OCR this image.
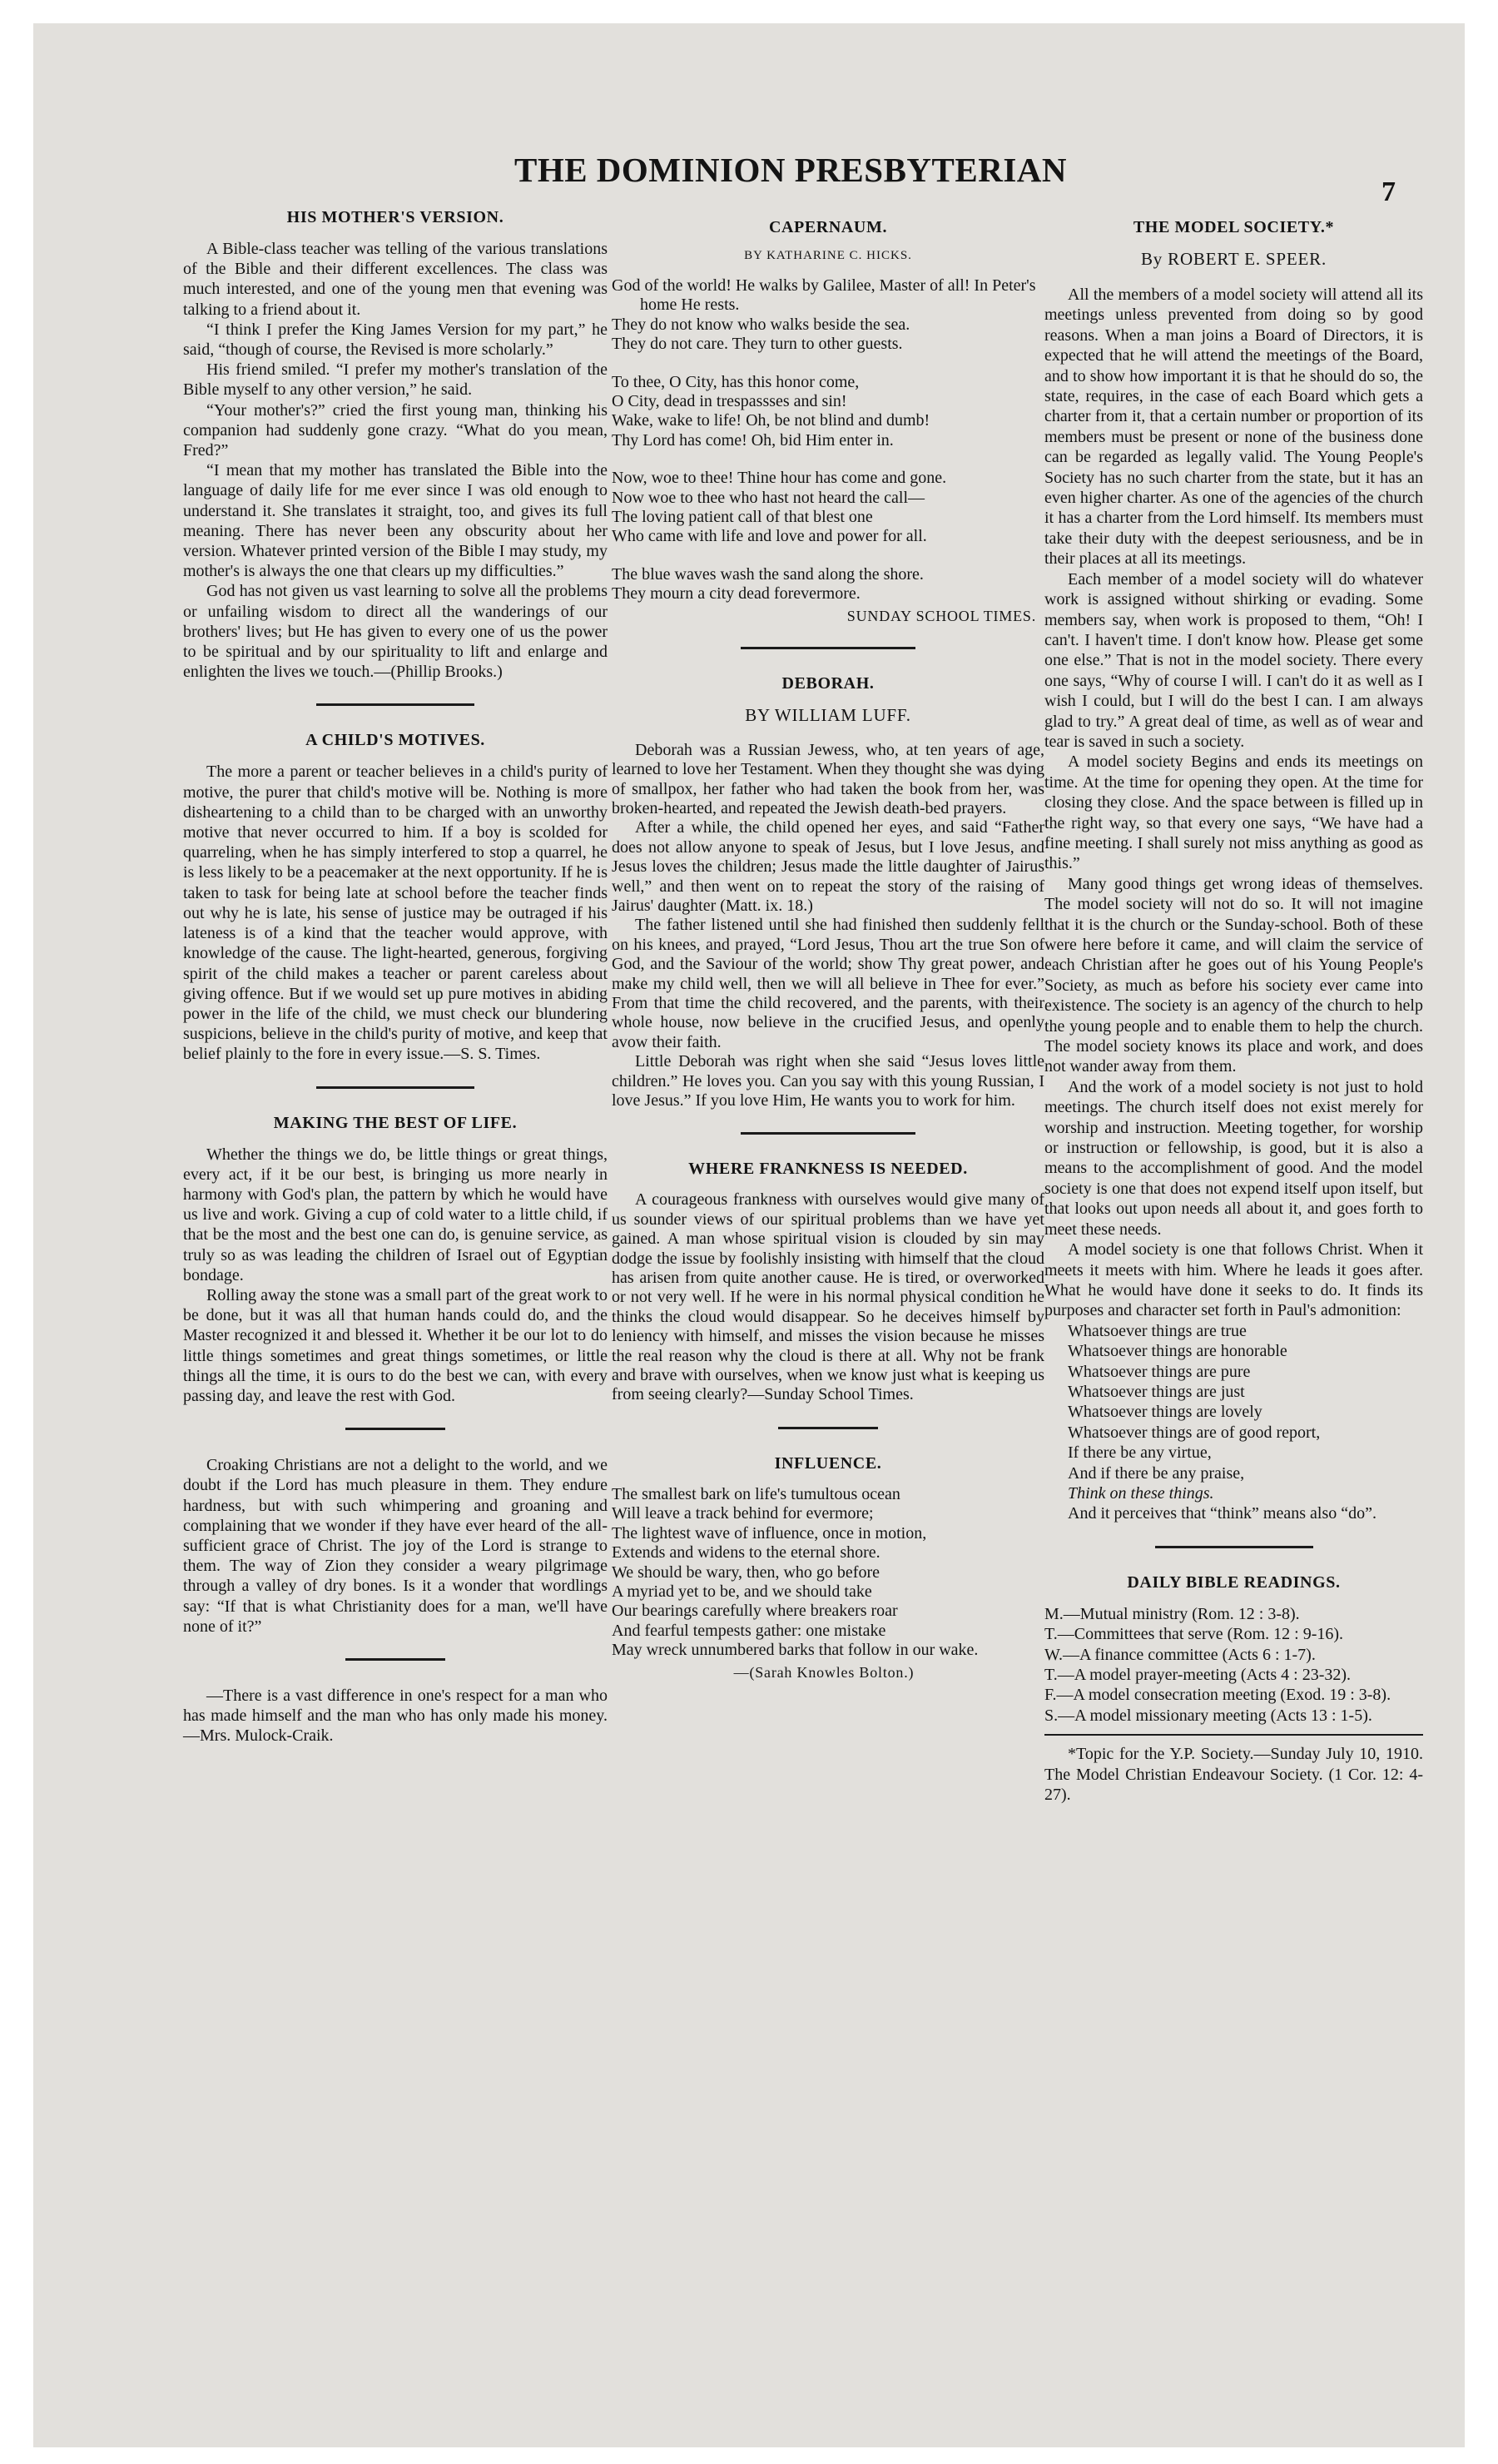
THE DOMINION PRESBYTERIAN
7
HIS MOTHER'S VERSION.

A Bible-class teacher was telling of the various translations of the Bible and their different excellences. The class was much interested, and one of the young men that evening was talking to a friend about it.

“I think I prefer the King James Version for my part,” he said, “though of course, the Revised is more scholarly.”

His friend smiled. “I prefer my mother's translation of the Bible myself to any other version,” he said.

“Your mother's?” cried the first young man, thinking his companion had suddenly gone crazy. “What do you mean, Fred?”

“I mean that my mother has translated the Bible into the language of daily life for me ever since I was old enough to understand it. She translates it straight, too, and gives its full meaning. There has never been any obscurity about her version. Whatever printed version of the Bible I may study, my mother's is always the one that clears up my difficulties.”

God has not given us vast learning to solve all the problems or unfailing wisdom to direct all the wanderings of our brothers' lives; but He has given to every one of us the power to be spiritual and by our spirituality to lift and enlarge and enlighten the lives we touch.—(Phillip Brooks.)

A CHILD'S MOTIVES.

The more a parent or teacher believes in a child's purity of motive, the purer that child's motive will be. Nothing is more disheartening to a child than to be charged with an unworthy motive that never occurred to him. If a boy is scolded for quarreling, when he has simply interfered to stop a quarrel, he is less likely to be a peacemaker at the next opportunity. If he is taken to task for being late at school before the teacher finds out why he is late, his sense of justice may be outraged if his lateness is of a kind that the teacher would approve, with knowledge of the cause. The light-hearted, generous, forgiving spirit of the child makes a teacher or parent careless about giving offence. But if we would set up pure motives in abiding power in the life of the child, we must check our blundering suspicions, believe in the child's purity of motive, and keep that belief plainly to the fore in every issue.—S. S. Times.

MAKING THE BEST OF LIFE.

Whether the things we do, be little things or great things, every act, if it be our best, is bringing us more nearly in harmony with God's plan, the pattern by which he would have us live and work. Giving a cup of cold water to a little child, if that be the most and the best one can do, is genuine service, as truly so as was leading the children of Israel out of Egyptian bondage.

Rolling away the stone was a small part of the great work to be done, but it was all that human hands could do, and the Master recognized it and blessed it. Whether it be our lot to do little things sometimes and great things sometimes, or little things all the time, it is ours to do the best we can, with every passing day, and leave the rest with God.

Croaking Christians are not a delight to the world, and we doubt if the Lord has much pleasure in them. They endure hardness, but with such whimpering and groaning and complaining that we wonder if they have ever heard of the all-sufficient grace of Christ. The joy of the Lord is strange to them. The way of Zion they consider a weary pilgrimage through a valley of dry bones. Is it a wonder that wordlings say: “If that is what Christianity does for a man, we'll have none of it?”

—There is a vast difference in one's respect for a man who has made himself and the man who has only made his money.—Mrs. Mulock-Craik.

CAPERNAUM.
BY KATHARINE C. HICKS.

God of the world! He walks by Galilee, Master of all! In Peter's home He rests.

They do not know who walks beside the sea.

They do not care. They turn to other guests.

To thee, O City, has this honor come,

O City, dead in trespassses and sin!

Wake, wake to life! Oh, be not blind and dumb!

Thy Lord has come! Oh, bid Him enter in.

Now, woe to thee! Thine hour has come and gone.

Now woe to thee who hast not heard the call—

The loving patient call of that blest one

Who came with life and love and power for all.

The blue waves wash the sand along the shore.

They mourn a city dead forevermore.

SUNDAY SCHOOL TIMES.
DEBORAH.
BY WILLIAM LUFF.

Deborah was a Russian Jewess, who, at ten years of age, learned to love her Testament. When they thought she was dying of smallpox, her father who had taken the book from her, was broken-hearted, and repeated the Jewish death-bed prayers.

After a while, the child opened her eyes, and said “Father does not allow anyone to speak of Jesus, but I love Jesus, and Jesus loves the children; Jesus made the little daughter of Jairus well,” and then went on to repeat the story of the raising of Jairus' daughter (Matt. ix. 18.)

The father listened until she had finished then suddenly fell on his knees, and prayed, “Lord Jesus, Thou art the true Son of God, and the Saviour of the world; show Thy great power, and make my child well, then we will all believe in Thee for ever.” From that time the child recovered, and the parents, with their whole house, now believe in the crucified Jesus, and openly avow their faith.

Little Deborah was right when she said “Jesus loves little children.” He loves you. Can you say with this young Russian, I love Jesus.” If you love Him, He wants you to work for him.

WHERE FRANKNESS IS NEEDED.

A courageous frankness with ourselves would give many of us sounder views of our spiritual problems than we have yet gained. A man whose spiritual vision is clouded by sin may dodge the issue by foolishly insisting with himself that the cloud has arisen from quite another cause. He is tired, or overworked or not very well. If he were in his normal physical condition he thinks the cloud would disappear. So he deceives himself by leniency with himself, and misses the vision because he misses the real reason why the cloud is there at all. Why not be frank and brave with ourselves, when we know just what is keeping us from seeing clearly?—Sunday School Times.

INFLUENCE.

The smallest bark on life's tumultous ocean

Will leave a track behind for evermore;

The lightest wave of influence, once in motion,

Extends and widens to the eternal shore.

We should be wary, then, who go before

A myriad yet to be, and we should take

Our bearings carefully where breakers roar

And fearful tempests gather: one mistake

May wreck unnumbered barks that follow in our wake.

—(Sarah Knowles Bolton.)
THE MODEL SOCIETY.*
By ROBERT E. SPEER.

All the members of a model society will attend all its meetings unless prevented from doing so by good reasons. When a man joins a Board of Directors, it is expected that he will attend the meetings of the Board, and to show how important it is that he should do so, the state, requires, in the case of each Board which gets a charter from it, that a certain number or proportion of its members must be present or none of the business done can be regarded as legally valid. The Young People's Society has no such charter from the state, but it has an even higher charter. As one of the agencies of the church it has a charter from the Lord himself. Its members must take their duty with the deepest seriousness, and be in their places at all its meetings.

Each member of a model society will do whatever work is assigned without shirking or evading. Some members say, when work is proposed to them, “Oh! I can't. I haven't time. I don't know how. Please get some one else.” That is not in the model society. There every one says, “Why of course I will. I can't do it as well as I wish I could, but I will do the best I can. I am always glad to try.” A great deal of time, as well as of wear and tear is saved in such a society.

A model society Begins and ends its meetings on time. At the time for opening they open. At the time for closing they close. And the space between is filled up in the right way, so that every one says, “We have had a fine meeting. I shall surely not miss anything as good as this.”

Many good things get wrong ideas of themselves. The model society will not do so. It will not imagine that it is the church or the Sunday-school. Both of these were here before it came, and will claim the service of each Christian after he goes out of his Young People's Society, as much as before his society ever came into existence. The society is an agency of the church to help the young people and to enable them to help the church. The model society knows its place and work, and does not wander away from them.

And the work of a model society is not just to hold meetings. The church itself does not exist merely for worship and instruction. Meeting together, for worship or instruction or fellowship, is good, but it is also a means to the accomplishment of good. And the model society is one that does not expend itself upon itself, but that looks out upon needs all about it, and goes forth to meet these needs.

A model society is one that follows Christ. When it meets it meets with him. Where he leads it goes after. What he would have done it seeks to do. It finds its purposes and character set forth in Paul's admonition:

Whatsoever things are true

Whatsoever things are honorable

Whatsoever things are pure

Whatsoever things are just

Whatsoever things are lovely

Whatsoever things are of good report,

If there be any virtue,

And if there be any praise,

Think on these things.

And it perceives that “think” means also “do”.

DAILY BIBLE READINGS.

M.—Mutual ministry (Rom. 12 : 3-8).

T.—Committees that serve (Rom. 12 : 9-16).

W.—A finance committee (Acts 6 : 1-7).

T.—A model prayer-meeting (Acts 4 : 23-32).

F.—A model consecration meeting (Exod. 19 : 3-8).

S.—A model missionary meeting (Acts 13 : 1-5).

*Topic for the Y.P. Society.—Sunday July 10, 1910. The Model Christian Endeavour Society. (1 Cor. 12: 4-27).
